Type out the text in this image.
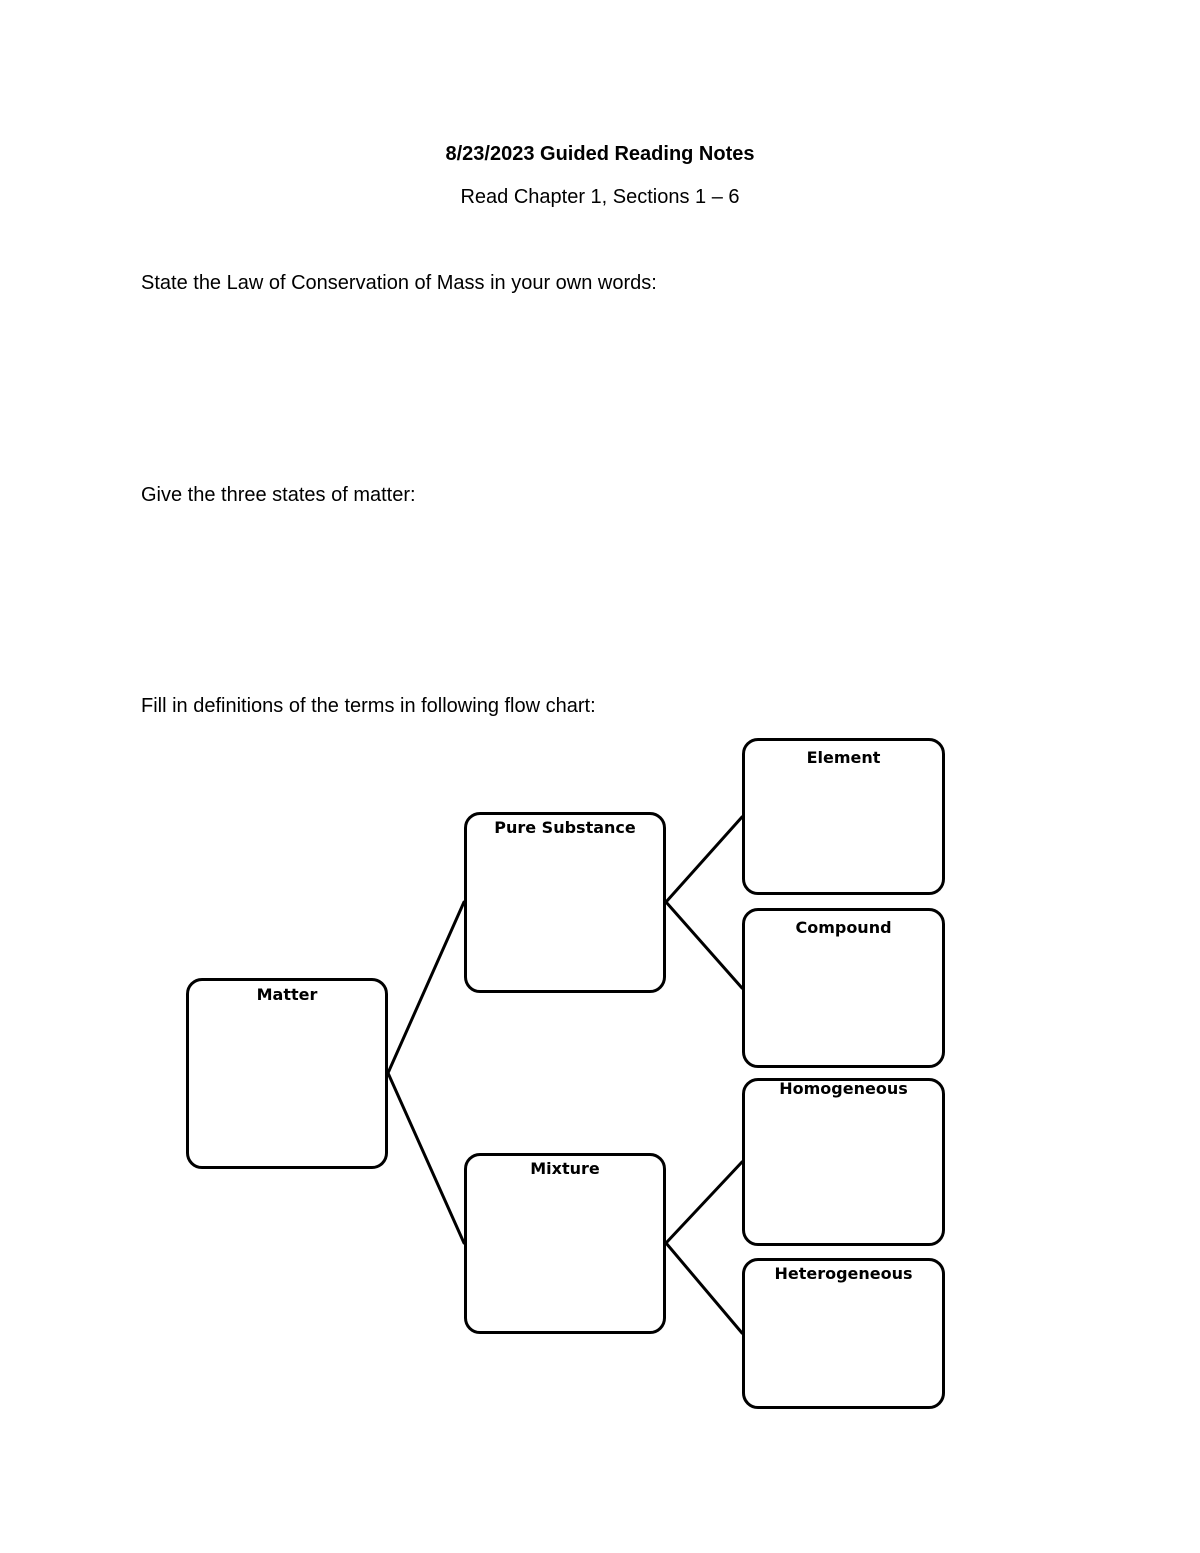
8/23/2023 Guided Reading Notes
Read Chapter 1, Sections 1 – 6
State the Law of Conservation of Mass in your own words:
Give the three states of matter:
Fill in definitions of the terms in following flow chart:
Matter
Pure Substance
Mixture
Element
Compound
Homogeneous
Heterogeneous
